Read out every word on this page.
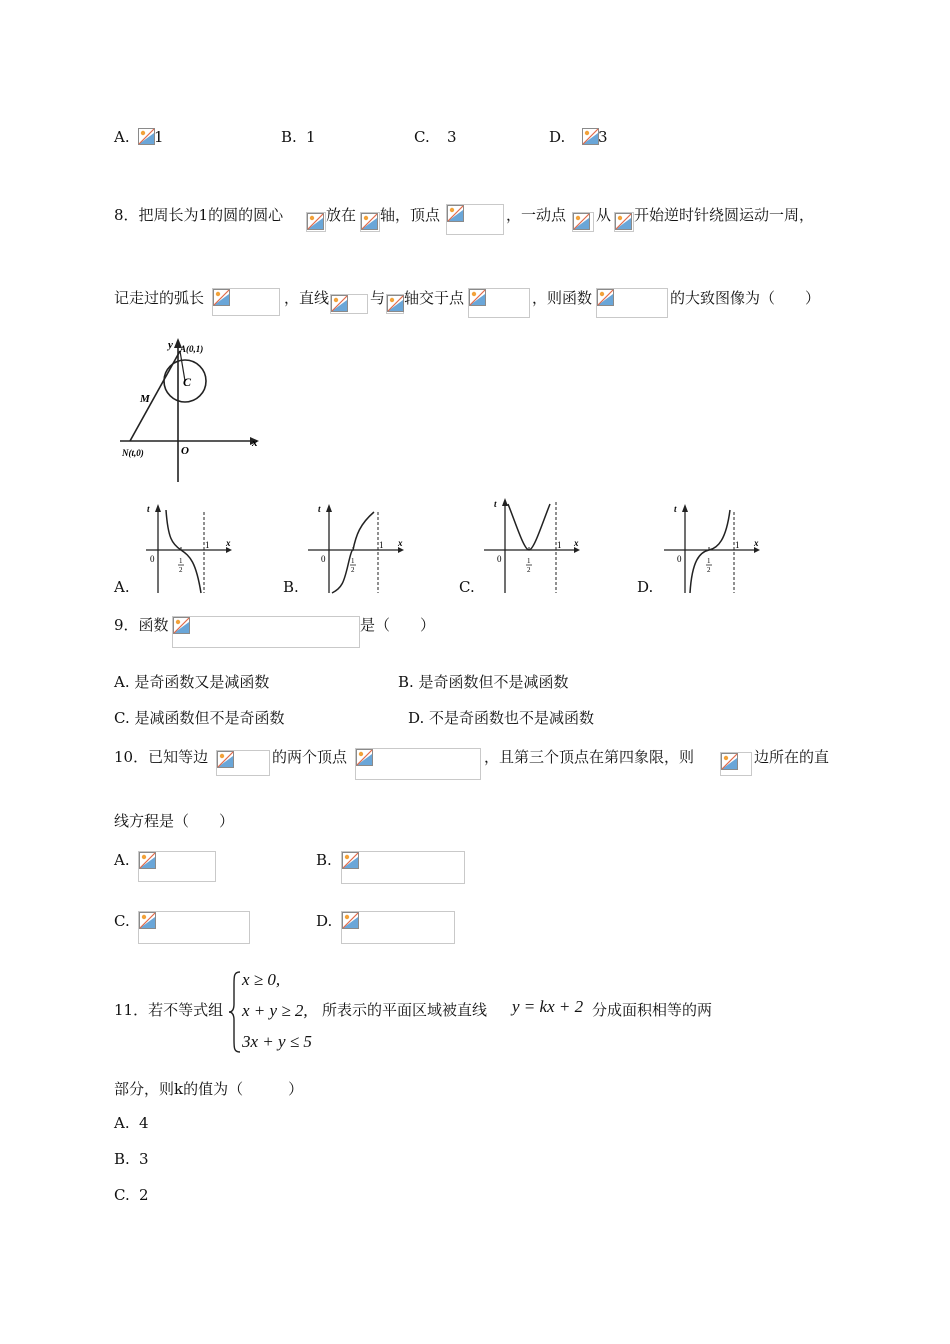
A. 1	B. 1	C. 3	D. 3
8．把周长为1的圆的圆心	放在 轴，顶点	，一动点 从 开始逆时针绕圆运动一周，
记走过的弧长	，直线	与 轴交于点	，则函数	的大致图像为（　　）
y
x
A(0,1)
C
M
N(t,0)	O
A.	B.	C.	D.
t
x
0	1
2
1
t
x
0	1
2
1
t
x
0	1
2
1
t
x
0	1
2
1
9．函数	是（　　）
A. 是奇函数又是减函数	B. 是奇函数但不是减函数
C. 是减函数但不是奇函数	D. 不是奇函数也不是减函数
10．已知等边	的两个顶点	，且第三个顶点在第四象限，则	边所在的直
线方程是（　　）
A.	B.
C.	D.
11．若不等式组
x ≥ 0,
x + y ≥ 2,
3x + y ≤ 5
所表示的平面区域被直线 y = kx + 2 分成面积相等的两
部分，则k的值为（　　　）
A. 4
B. 3
C. 2
